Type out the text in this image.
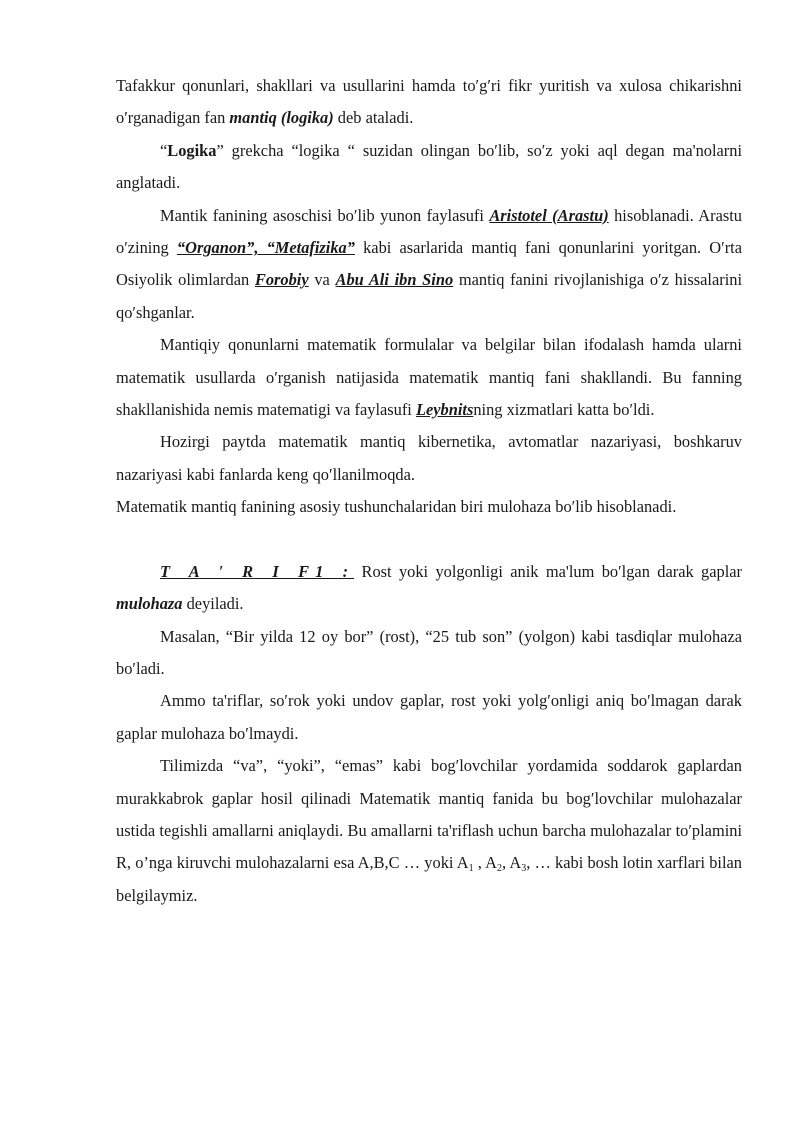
Tafakkur qonunlari, shakllari va usullarini hamda to′g′ri fikr yuritish va xulosa chikarishni o′rganadigan fan mantiq (logika) deb ataladi.

“Logika” grekcha “logika “ suzidan olingan bo′lib, so′z yoki aql degan ma'nolarni anglatadi.

Mantik fanining asoschisi bo′lib yunon faylasufi Aristotel (Arastu) hisoblanadi. Arastu o′zining “Organon”, “Metafizika” kabi asarlarida mantiq fani qonunlarini yoritgan. O′rta Osiyolik olimlardan Forobiy va Abu Ali ibn Sino mantiq fanini rivojlanishiga o′z hissalarini qo′shganlar.

Mantiqiy qonunlarni matematik formulalar va belgilar bilan ifodalash hamda ularni matematik usullarda o′rganish natijasida matematik mantiq fani shakllandi. Bu fanning shakllanishida nemis matematigi va faylasufi Leybnitsning xizmatlari katta bo′ldi.

Hozirgi paytda matematik mantiq kibernetika, avtomatlar nazariyasi, boshkaruv nazariyasi kabi fanlarda keng qo′llanilmoqda.

Matematik mantiq fanining asosiy tushunchalaridan biri mulohaza bo′lib hisoblanadi.

T A ' R I F1 : Rost yoki yolgonligi anik ma'lum bo′lgan darak gaplar mulohaza deyiladi.

Masalan, “Bir yilda 12 oy bor” (rost), “25 tub son” (yolgon) kabi tasdiqlar mulohaza bo′ladi.

Ammo ta'riflar, so′rok yoki undov gaplar, rost yoki yolg′onligi aniq bo′lmagan darak gaplar mulohaza bo′lmaydi.

Tilimizda “va”, “yoki”, “emas” kabi bog′lovchilar yordamida soddarok gaplardan murakkabrok gaplar hosil qilinadi Matematik mantiq fanida bu bog′lovchilar mulohazalar ustida tegishli amallarni aniqlaydi. Bu amallarni ta'riflash uchun barcha mulohazalar to′plamini R, o’nga kiruvchi mulohazalarni esa A,B,C … yoki $A_1$ , $A_2$, $A_3$, … kabi bosh lotin xarflari bilan belgilaymiz.
